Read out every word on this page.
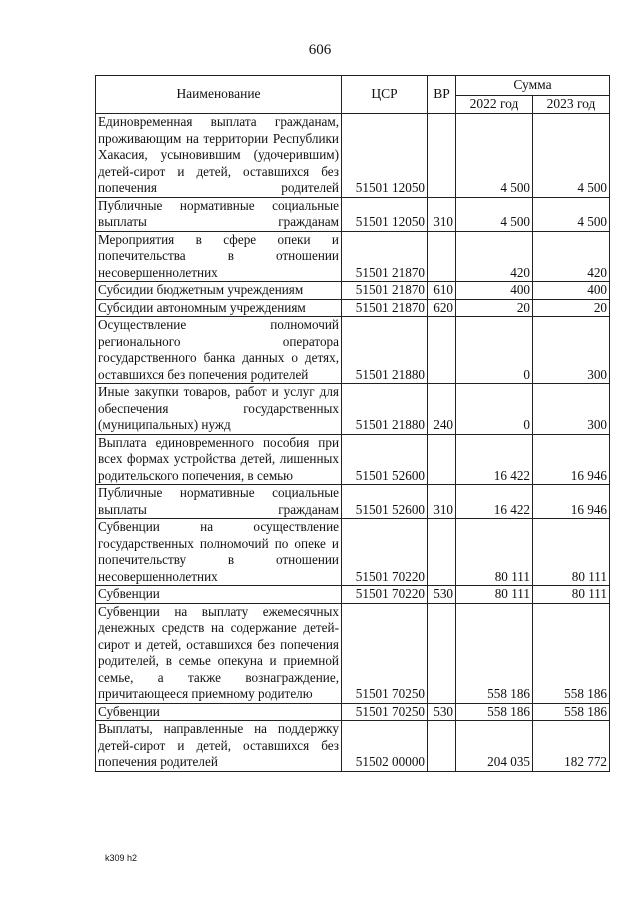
606
Наименование	ЦСР	ВР	Сумма	
			2022 год	2023 год
Единовременная выплата гражданам, проживающим на территории Республики Хакасия, усыновившим (удочерившим) детей-сирот и детей, оставшихся без попечения родителей	51501 12050		4 500	4 500
Публичные нормативные социальные выплаты гражданам	51501 12050	310	4 500	4 500
Мероприятия в сфере опеки и попечительства в отношении несовершеннолетних	51501 21870		420	420
Субсидии бюджетным учреждениям	51501 21870	610	400	400
Субсидии автономным учреждениям	51501 21870	620	20	20
Осуществление полномочий регионального оператора государственного банка данных о детях, оставшихся без попечения родителей	51501 21880		0	300
Иные закупки товаров, работ и услуг для обеспечения государственных (муниципальных) нужд	51501 21880	240	0	300
Выплата единовременного пособия при всех формах устройства детей, лишенных родительского попечения, в семью	51501 52600		16 422	16 946
Публичные нормативные социальные выплаты гражданам	51501 52600	310	16 422	16 946
Субвенции на осуществление государственных полномочий по опеке и попечительству в отношении несовершеннолетних	51501 70220		80 111	80 111
Субвенции	51501 70220	530	80 111	80 111
Субвенции на выплату ежемесячных денежных средств на содержание детей-сирот и детей, оставшихся без попечения родителей, в семье опекуна и приемной семье, а также вознаграждение, причитающееся приемному родителю	51501 70250		558 186	558 186
Субвенции	51501 70250	530	558 186	558 186
Выплаты, направленные на поддержку детей-сирот и детей, оставшихся без попечения родителей	51502 00000		204 035	182 772
k309 h2
